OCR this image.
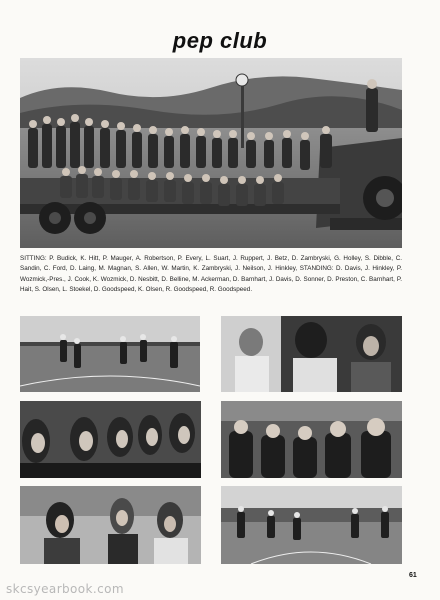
pep club
SITTING: P. Budick, K. Hitt, P. Mauger, A. Robertson, P. Every, L. Suart, J. Ruppert, J. Betz, D. Zambryski, G. Holley, S. Dibble, C. Sandin, C. Ford, D. Laing, M. Magnan, S. Allen, W. Martin, K. Zambryski, J. Neilson, J. Hinkley, STANDING: D. Davis, J. Hinkley, P. Wozmick,-Pres., J. Cook, K. Wozmick, D. Nesbitt, D. Belline, M. Ackerman, D. Barnhart, J. Davis, D. Sonner, D. Preston, C. Barnhart, P. Hait, S. Olsen, L. Stoekel, D. Goodspeed, K. Olsen, R. Goodspeed, R. Goodspeed.
61
skcsyearbook.com
